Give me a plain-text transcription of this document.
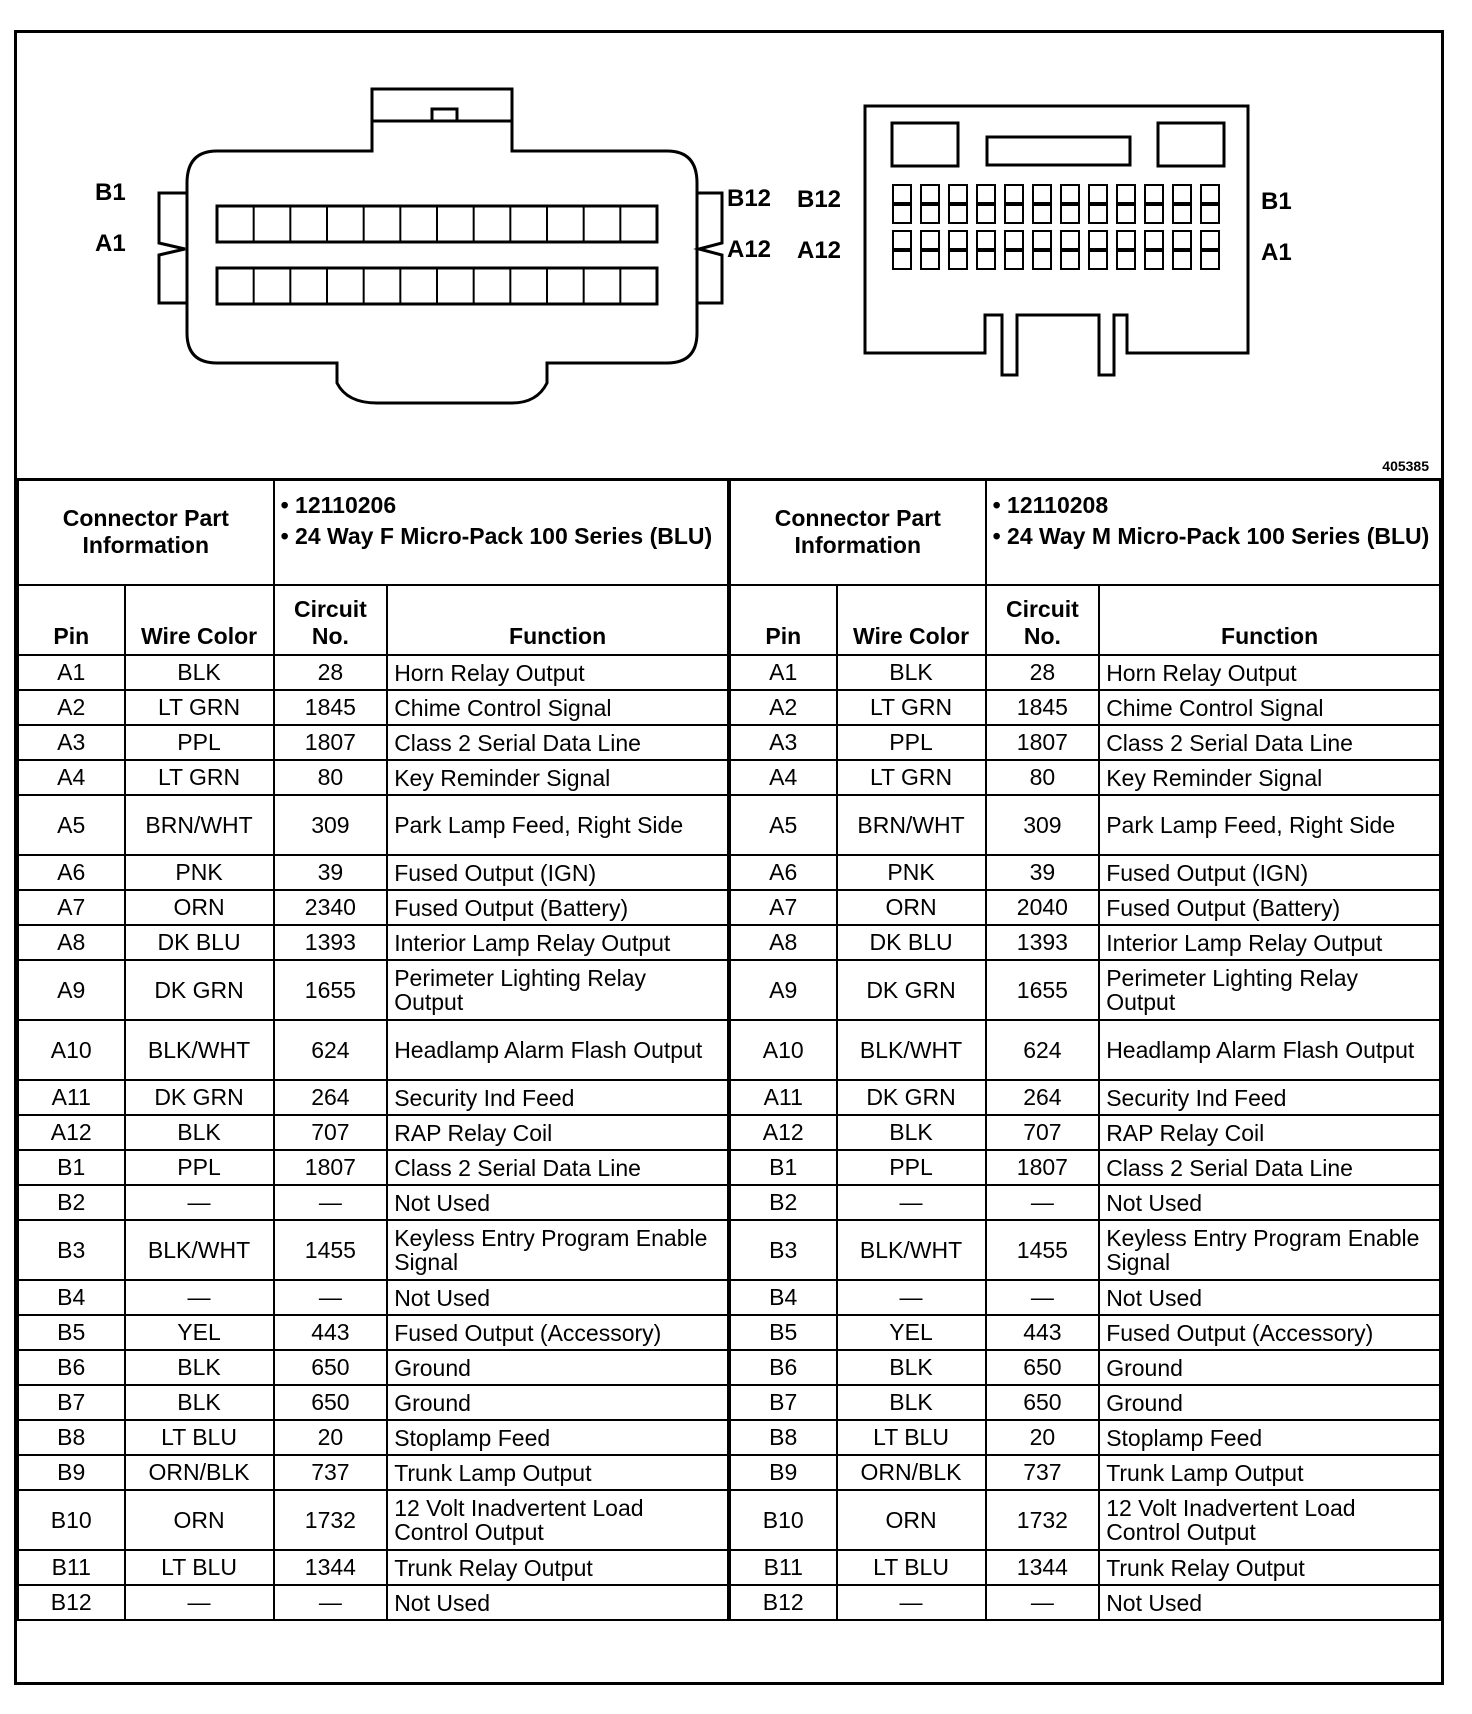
B1
A1
B12
A12
B12
A12
B1
A1
405385
Connector Part Information		• 12110206
• 24 Way F Micro-Pack 100 Series (BLU)	

Pin	Wire Color	Circuit No.	Function
A1	BLK	28	Horn Relay Output
A2	LT GRN	1845	Chime Control Signal
A3	PPL	1807	Class 2 Serial Data Line
A4	LT GRN	80	Key Reminder Signal
A5	BRN/WHT	309	Park Lamp Feed, Right Side
A6	PNK	39	Fused Output (IGN)
A7	ORN	2340	Fused Output (Battery)
A8	DK BLU	1393	Interior Lamp Relay Output
A9	DK GRN	1655	Perimeter Lighting Relay Output
A10	BLK/WHT	624	Headlamp Alarm Flash Output
A11	DK GRN	264	Security Ind Feed
A12	BLK	707	RAP Relay Coil
B1	PPL	1807	Class 2 Serial Data Line
B2	—	—	Not Used
B3	BLK/WHT	1455	Keyless Entry Program Enable Signal
B4	—	—	Not Used
B5	YEL	443	Fused Output (Accessory)
B6	BLK	650	Ground
B7	BLK	650	Ground
B8	LT BLU	20	Stoplamp Feed
B9	ORN/BLK	737	Trunk Lamp Output
B10	ORN	1732	12 Volt Inadvertent Load Control Output
B11	LT BLU	1344	Trunk Relay Output
B12	—	—	Not Used
Connector Part Information		• 12110208
• 24 Way M Micro-Pack 100 Series (BLU)	

Pin	Wire Color	Circuit No.	Function
A1	BLK	28	Horn Relay Output
A2	LT GRN	1845	Chime Control Signal
A3	PPL	1807	Class 2 Serial Data Line
A4	LT GRN	80	Key Reminder Signal
A5	BRN/WHT	309	Park Lamp Feed, Right Side
A6	PNK	39	Fused Output (IGN)
A7	ORN	2040	Fused Output (Battery)
A8	DK BLU	1393	Interior Lamp Relay Output
A9	DK GRN	1655	Perimeter Lighting Relay Output
A10	BLK/WHT	624	Headlamp Alarm Flash Output
A11	DK GRN	264	Security Ind Feed
A12	BLK	707	RAP Relay Coil
B1	PPL	1807	Class 2 Serial Data Line
B2	—	—	Not Used
B3	BLK/WHT	1455	Keyless Entry Program Enable Signal
B4	—	—	Not Used
B5	YEL	443	Fused Output (Accessory)
B6	BLK	650	Ground
B7	BLK	650	Ground
B8	LT BLU	20	Stoplamp Feed
B9	ORN/BLK	737	Trunk Lamp Output
B10	ORN	1732	12 Volt Inadvertent Load Control Output
B11	LT BLU	1344	Trunk Relay Output
B12	—	—	Not Used
